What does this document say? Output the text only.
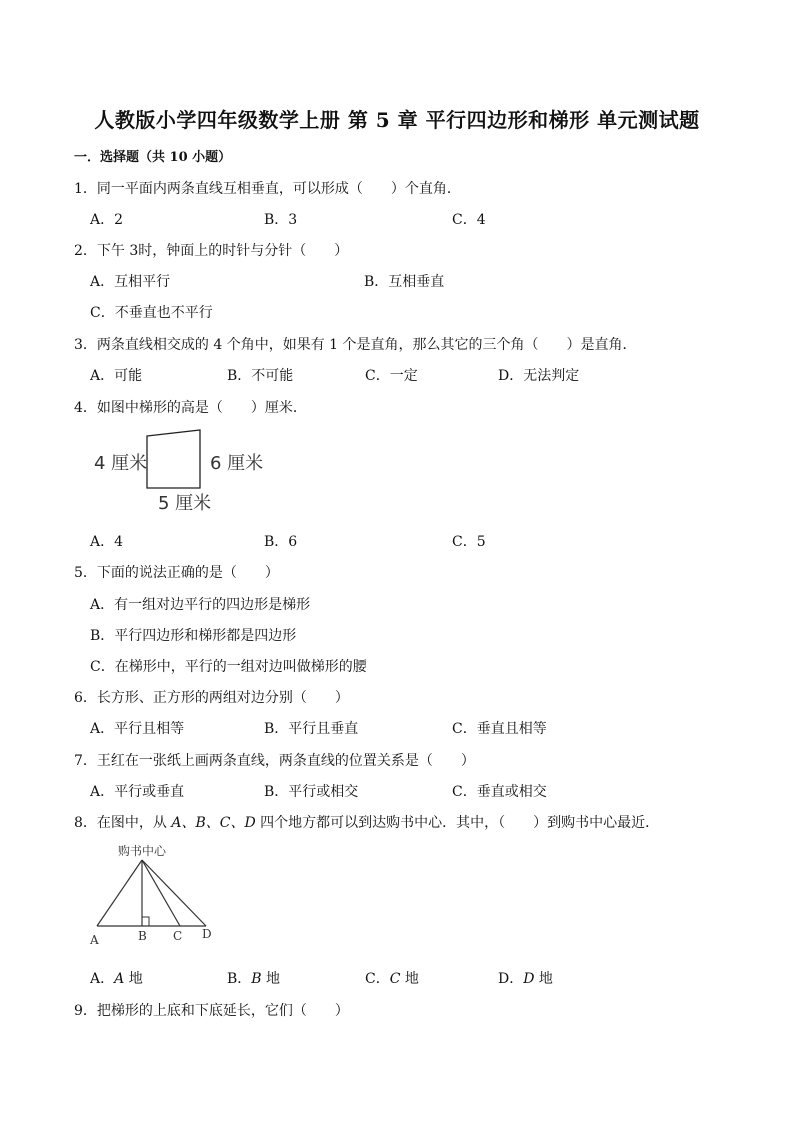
人教版小学四年级数学上册 第 5 章 平行四边形和梯形 单元测试题
一．选择题（共 10 小题）
1．同一平面内两条直线互相垂直，可以形成（　　）个直角．
A．2	B．3	C．4
2．下午 3时，钟面上的时针与分针（　　）
A．互相平行	B．互相垂直
C．不垂直也不平行
3．两条直线相交成的 4 个角中，如果有 1 个是直角，那么其它的三个角（　　）是直角．
A．可能	B．不可能	C．一定	D．无法判定
4．如图中梯形的高是（　　）厘米．
4 厘米	6 厘米
5 厘米
A．4	B．6	C．5
5．下面的说法正确的是（　　）
A．有一组对边平行的四边形是梯形
B．平行四边形和梯形都是四边形
C．在梯形中，平行的一组对边叫做梯形的腰
6．长方形、正方形的两组对边分别（　　）
A．平行且相等	B．平行且垂直	C．垂直且相等
7．王红在一张纸上画两条直线，两条直线的位置关系是（　　）
A．平行或垂直	B．平行或相交	C．垂直或相交
8．在图中，从 A、B、C、D 四个地方都可以到达购书中心．其中，（　　）到购书中心最近．
购书中心
A	B C D
A．A 地	B．B 地	C．C 地	D．D 地
9．把梯形的上底和下底延长，它们（　　）
